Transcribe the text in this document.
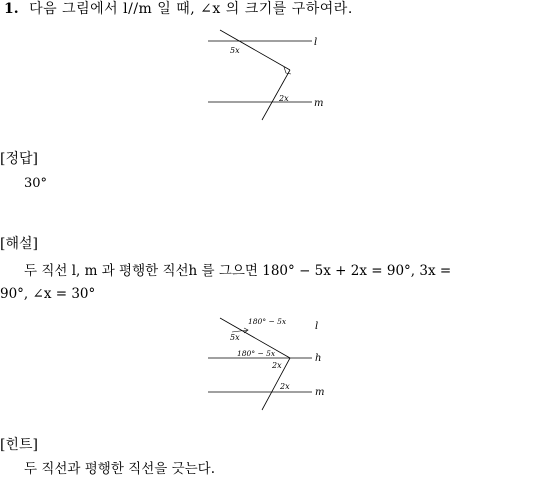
1. 다음 그림에서 l//m 일 때, ∠x 의 크기를 구하여라.
l
m
5x
2x
[정답]
30°
[해설]
두 직선 l, m 과 평행한 직선h 를 그으면 180° − 5x + 2x = 90°, 3x =
90°, ∠x = 30°
l
h
m
180° − 5x
5x
180° − 5x
2x
2x
[힌트]
두 직선과 평행한 직선을 긋는다.
